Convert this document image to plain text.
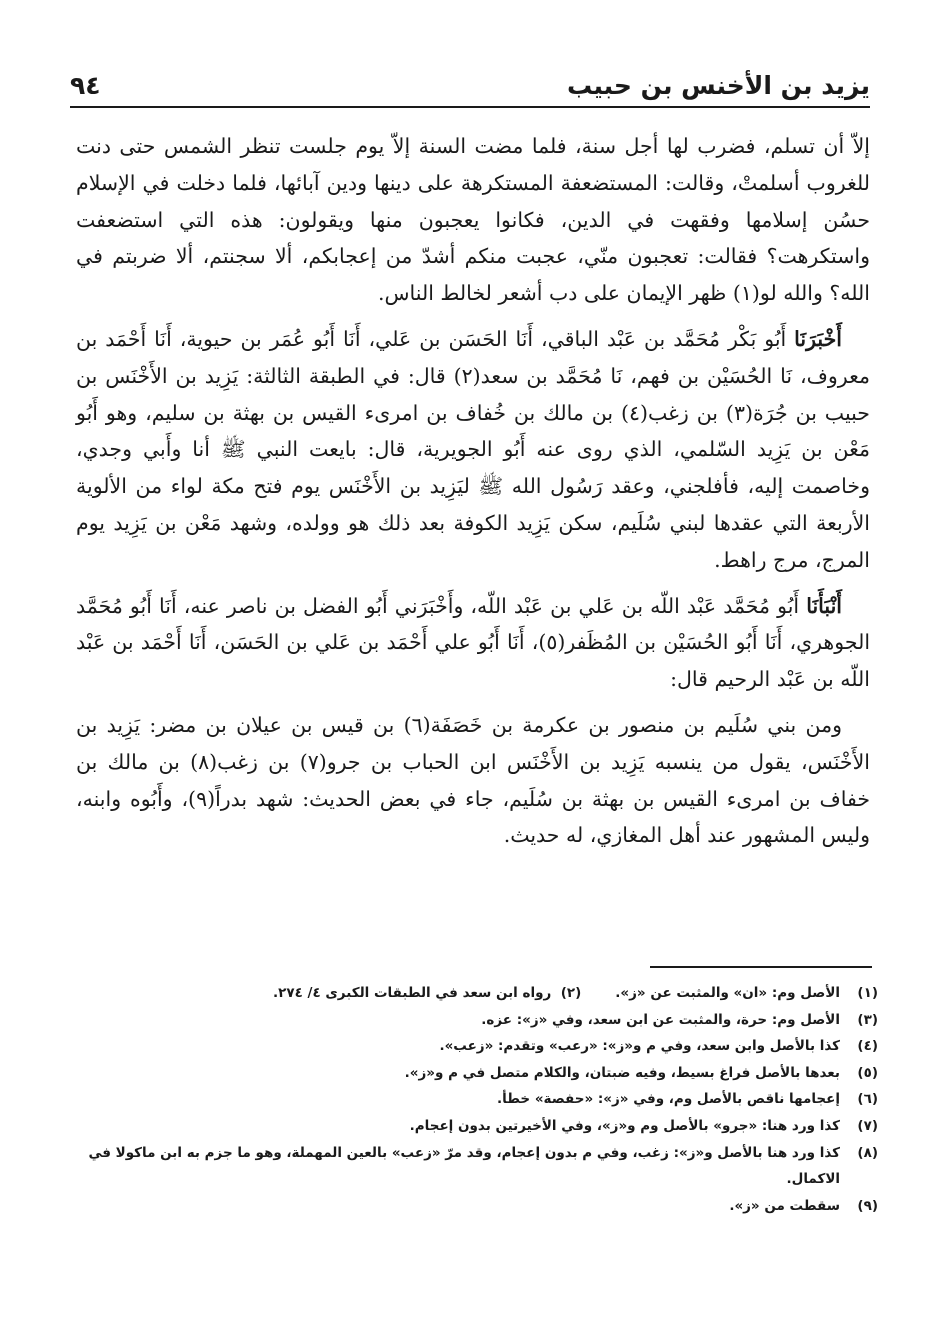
يزيد بن الأخنس بن حبيب
٩٤

إلاّ أن تسلم، فضرب لها أجل سنة، فلما مضت السنة إلاّ يوم جلست تنظر الشمس حتى دنت للغروب أسلمتْ، وقالت: المستضعفة المستكرهة على دينها ودين آبائها، فلما دخلت في الإسلام حسُن إسلامها وفقهت في الدين، فكانوا يعجبون منها ويقولون: هذه التي استضعفت واستكرهت؟ فقالت: تعجبون منّي، عجبت منكم أشدّ من إعجابكم، ألا سجنتم، ألا ضربتم في الله؟ والله لو(١) ظهر الإيمان على دب أشعر لخالط الناس.

أَخْبَرَنَا أَبُو بَكْر مُحَمَّد بن عَبْد الباقي، أَنَا الحَسَن بن عَلي، أَنَا أَبُو عُمَر بن حيوية، أَنَا أَحْمَد بن معروف، نَا الحُسَيْن بن فهم، نَا مُحَمَّد بن سعد(٢) قال: في الطبقة الثالثة: يَزِيد بن الأَخْنَس بن حبيب بن جُرَة(٣) بن زغب(٤) بن مالك بن خُفاف بن امرىء القيس بن بهثة بن سليم، وهو أَبُو مَعْن بن يَزِيد السّلمي، الذي روى عنه أَبُو الجويرية، قال: بايعت النبي ﷺ أنا وأَبي وجدي، وخاصمت إليه، فأفلجني، وعقد رَسُول الله ﷺ ليَزِيد بن الأَخْنَس يوم فتح مكة لواء من الألوية الأربعة التي عقدها لبني سُلَيم، سكن يَزِيد الكوفة بعد ذلك هو وولده، وشهد مَعْن بن يَزِيد يوم المرج، مرج راهط.

أَنْبَأَنَا أَبُو مُحَمَّد عَبْد اللّه بن عَلي بن عَبْد اللّه، وأَخْبَرَني أَبُو الفضل بن ناصر عنه، أَنَا أَبُو مُحَمَّد الجوهري، أَنَا أَبُو الحُسَيْن بن المُظَفر(٥)، أَنَا أَبُو علي أَحْمَد بن عَلي بن الحَسَن، أَنَا أَحْمَد بن عَبْد اللّه بن عَبْد الرحيم قال:

ومن بني سُلَيم بن منصور بن عكرمة بن خَصَفَة(٦) بن قيس بن عيلان بن مضر: يَزِيد بن الأَخْنَس، يقول من ينسبه يَزِيد بن الأَخْنَس ابن الحباب بن جرو(٧) بن زغب(٨) بن مالك بن خفاف بن امرىء القيس بن بهثة بن سُلَيم، جاء في بعض الحديث: شهد بدراً(٩)، وأَبُوه وابنه، وليس المشهور عند أهل المغازي، له حديث.

(١)
الأصل وم: «ان» والمثبت عن «ز».(٢)  رواه ابن سعد في الطبقات الكبرى ٤/ ٢٧٤.
(٣)
الأصل وم: حرة، والمثبت عن ابن سعد، وفي «ز»: عزه.
(٤)
كذا بالأصل وابن سعد، وفي م و«ز»: «رعب» وتقدم: «زعب».
(٥)
بعدها بالأصل فراغ بسيط، وفيه ضبتان، والكلام متصل في م و«ز».
(٦)
إعجامها ناقص بالأصل وم، وفي «ز»: «حفصة» خطأ.
(٧)
كذا ورد هنا: «جرو» بالأصل وم و«ز»، وفي الأخيرتين بدون إعجام.
(٨)
كذا ورد هنا بالأصل و«ز»: زغب، وفي م بدون إعجام، وقد مرّ «زعب» بالعين المهملة، وهو ما جزم به ابن ماكولا في الاكمال.
(٩)
سقطت من «ز».
